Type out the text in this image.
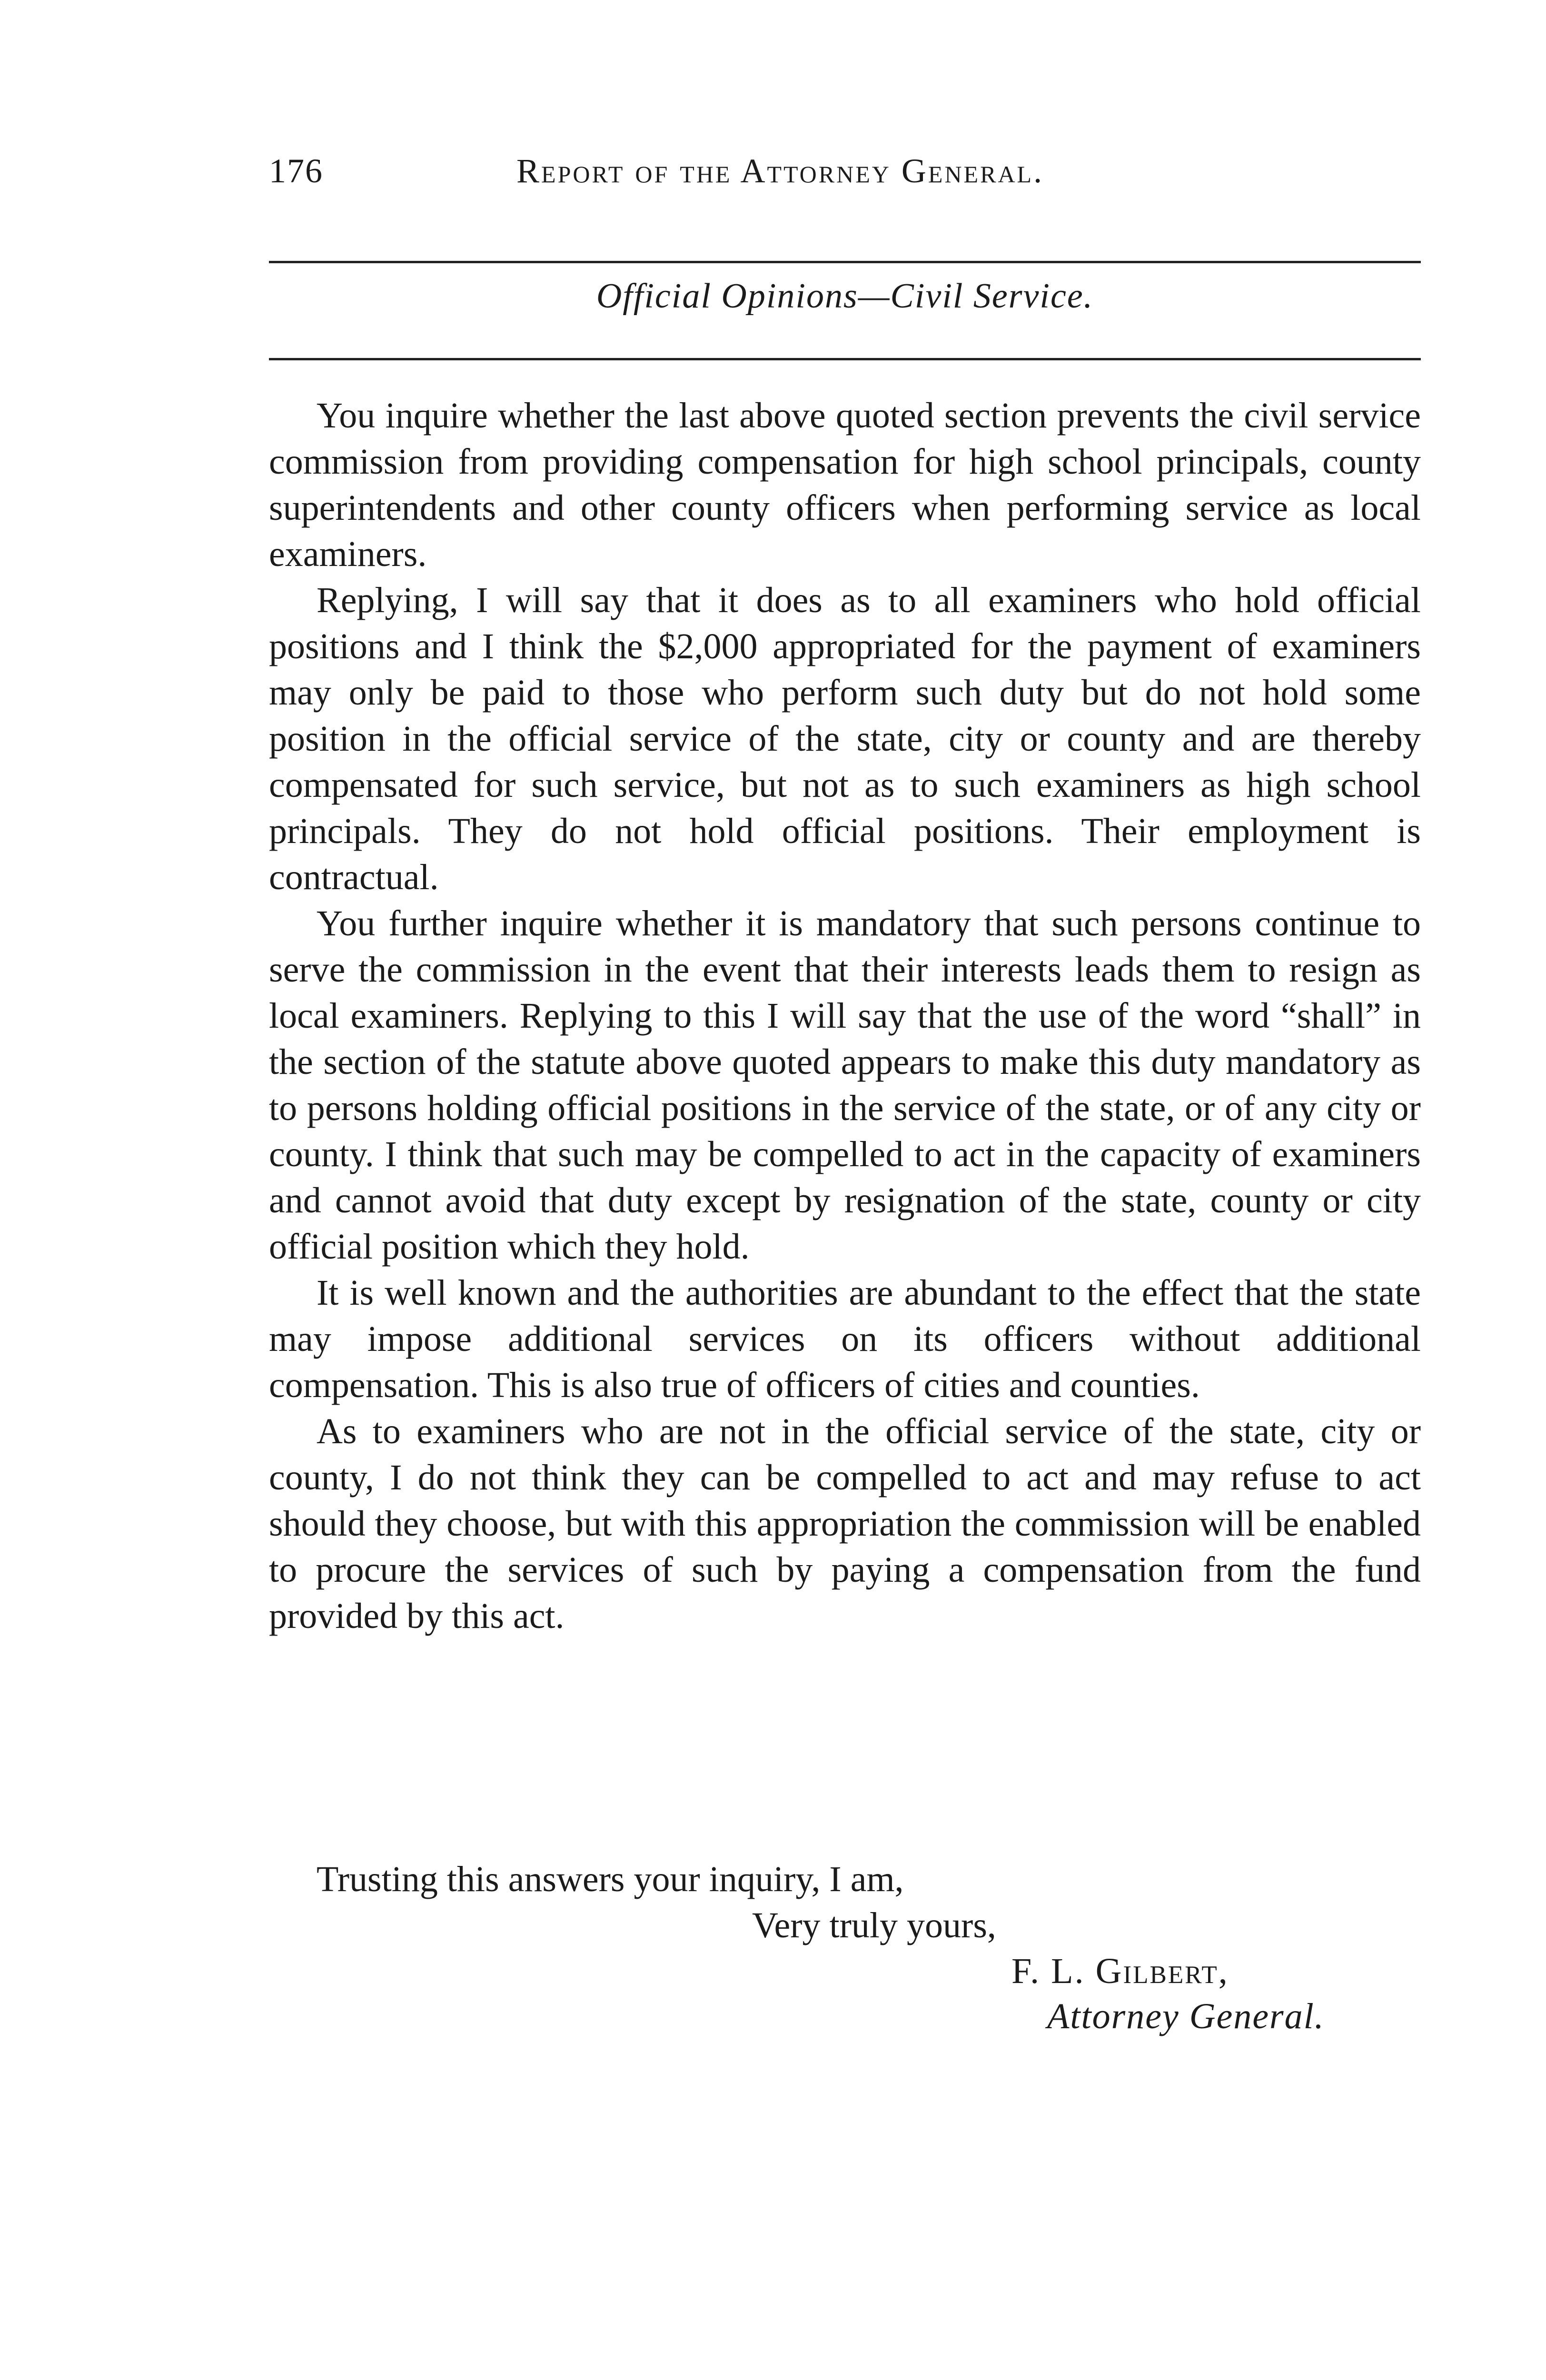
176	Report of the Attorney General.
Official Opinions—Civil Service.

You inquire whether the last above quoted section prevents the civil service commission from providing compensation for high school principals, county superintendents and other county officers when performing service as local examiners.

Replying, I will say that it does as to all examiners who hold official positions and I think the $2,000 appropriated for the payment of examiners may only be paid to those who perform such duty but do not hold some position in the official service of the state, city or county and are thereby compensated for such service, but not as to such examiners as high school principals. They do not hold official positions. Their employment is contractual.

You further inquire whether it is mandatory that such persons continue to serve the commission in the event that their interests leads them to resign as local examiners. Replying to this I will say that the use of the word “shall” in the section of the statute above quoted appears to make this duty mandatory as to persons holding official positions in the service of the state, or of any city or county. I think that such may be compelled to act in the capacity of examiners and cannot avoid that duty except by resignation of the state, county or city official position which they hold.

It is well known and the authorities are abundant to the effect that the state may impose additional services on its officers without additional compensation. This is also true of officers of cities and counties.

As to examiners who are not in the official service of the state, city or county, I do not think they can be compelled to act and may refuse to act should they choose, but with this appropriation the commission will be enabled to procure the services of such by paying a compensation from the fund provided by this act.

Trusting this answers your inquiry, I am,
Very truly yours,
F. L. Gilbert,
Attorney General.
